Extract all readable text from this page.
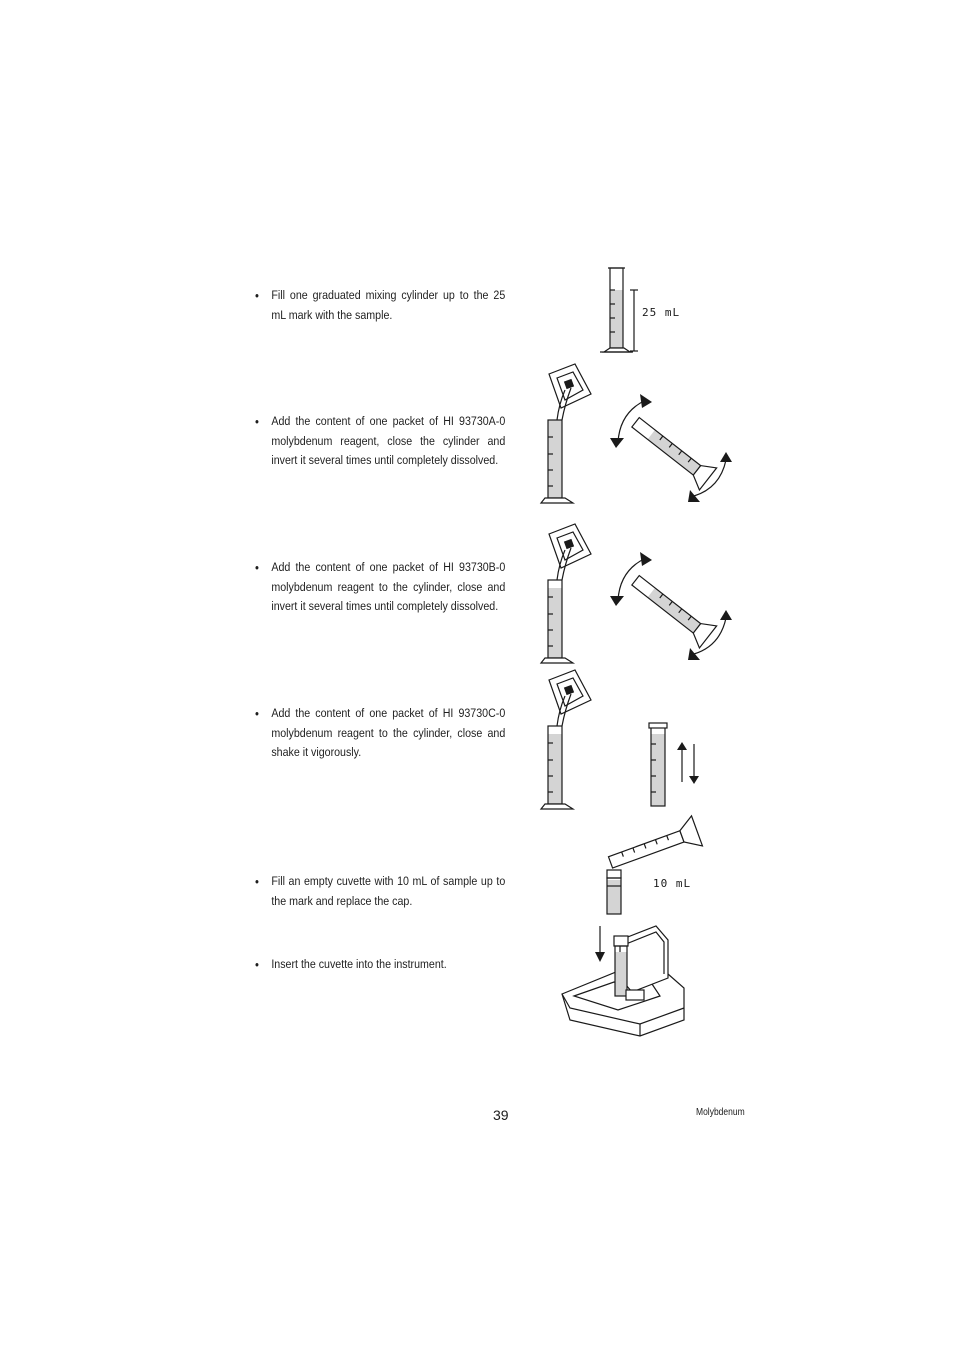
• Fill one graduated mixing cylinder up to the 25 mL mark with the sample.
• Add the content of one packet of HI 93730A-0 molybdenum reagent, close the cylinder and invert it several times until completely dissolved.
• Add the content of one packet of HI 93730B-0 molybdenum reagent to the cylinder, close and invert it several times until completely dissolved.
• Add the content of one packet of HI 93730C-0 molybdenum reagent to the cylinder, close and shake it vigorously.
• Fill an empty cuvette with 10 mL of sample up to the mark and replace the cap.
• Insert the cuvette into the instrument.
25 mL
10 mL
39	Molybdenum
